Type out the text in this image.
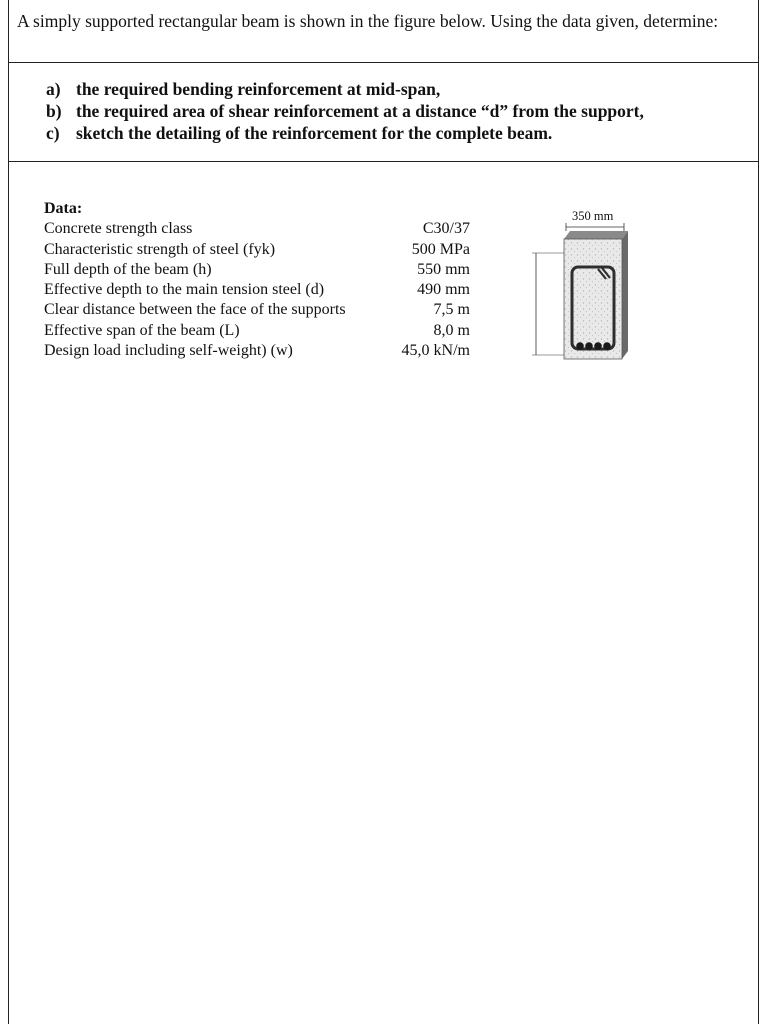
A simply supported rectangular beam is shown in the figure below. Using the data given, determine:
a) the required bending reinforcement at mid-span,
b) the required area of shear reinforcement at a distance “d” from the support,
c) sketch the detailing of the reinforcement for the complete beam.
Data:
Concrete strength class	C30/37
Characteristic strength of steel (fyk)	500 MPa
Full depth of the beam (h)	550 mm
Effective depth to the main tension steel (d)	490 mm
Clear distance between the face of the supports	7,5 m
Effective span of the beam (L)	8,0 m
Design load including self-weight) (w)	45,0 kN/m
350 mm
